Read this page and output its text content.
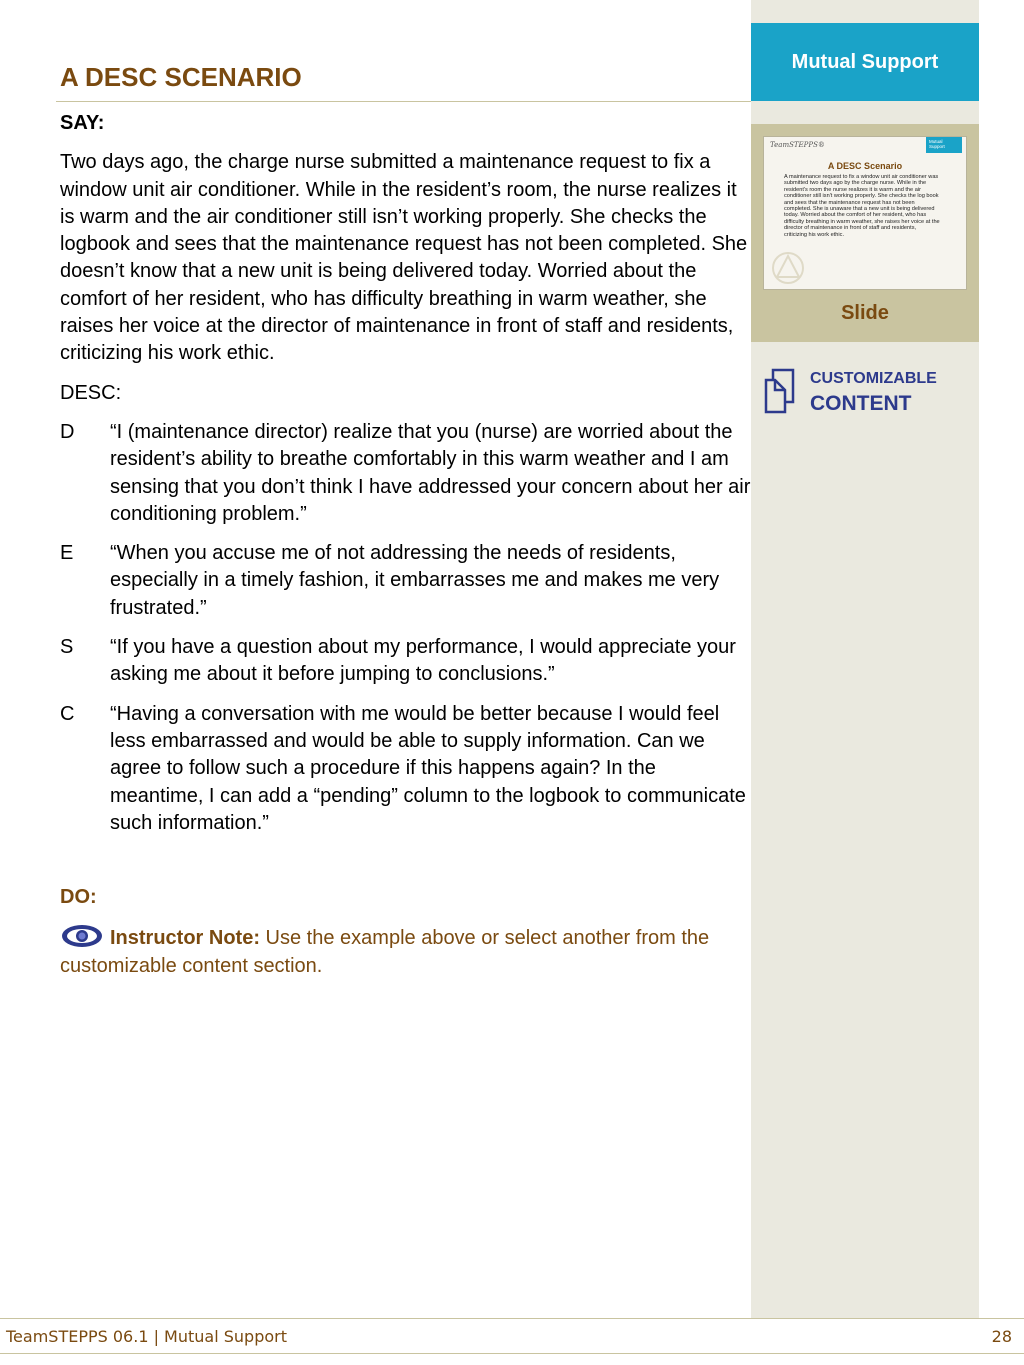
Mutual Support
TeamSTEPPS®	Mutual Support
A DESC Scenario
A maintenance request to fix a window unit air conditioner was submitted two days ago by the charge nurse. While in the resident's room the nurse realizes it is warm and the air conditioner still isn't working properly. She checks the log book and sees that the maintenance request has not been completed. She is unaware that a new unit is being delivered today. Worried about the comfort of her resident, who has difficulty breathing in warm weather, she raises her voice at the director of maintenance in front of staff and residents, criticizing his work ethic.
Slide
CUSTOMIZABLE
CONTENT
A DESC SCENARIO

SAY:

Two days ago, the charge nurse submitted a maintenance request to fix a window unit air conditioner. While in the resident’s room, the nurse realizes it is warm and the air conditioner still isn’t working properly. She checks the logbook and sees that the maintenance request has not been completed. She doesn’t know that a new unit is being delivered today. Worried about the comfort of her resident, who has difficulty breathing in warm weather, she raises her voice at the director of maintenance in front of staff and residents, criticizing his work ethic.

DESC:

D	“I (maintenance director) realize that you (nurse) are worried about the resident’s ability to breathe comfortably in this warm weather and I am sensing that you don’t think I have addressed your concern about her air conditioning problem.”
E	“When you accuse me of not addressing the needs of residents, especially in a timely fashion, it embarrasses me and makes me very frustrated.”
S	“If you have a question about my performance, I would appreciate your asking me about it before jumping to conclusions.”
C	“Having a conversation with me would be better because I would feel less embarrassed and would be able to supply information. Can we agree to follow such a procedure if this happens again? In the meantime, I can add a “pending” column to the logbook to communicate such information.”

DO:

Instructor Note: Use the example above or select another from the customizable content section.

TeamSTEPPS 06.1 | Mutual Support	28
